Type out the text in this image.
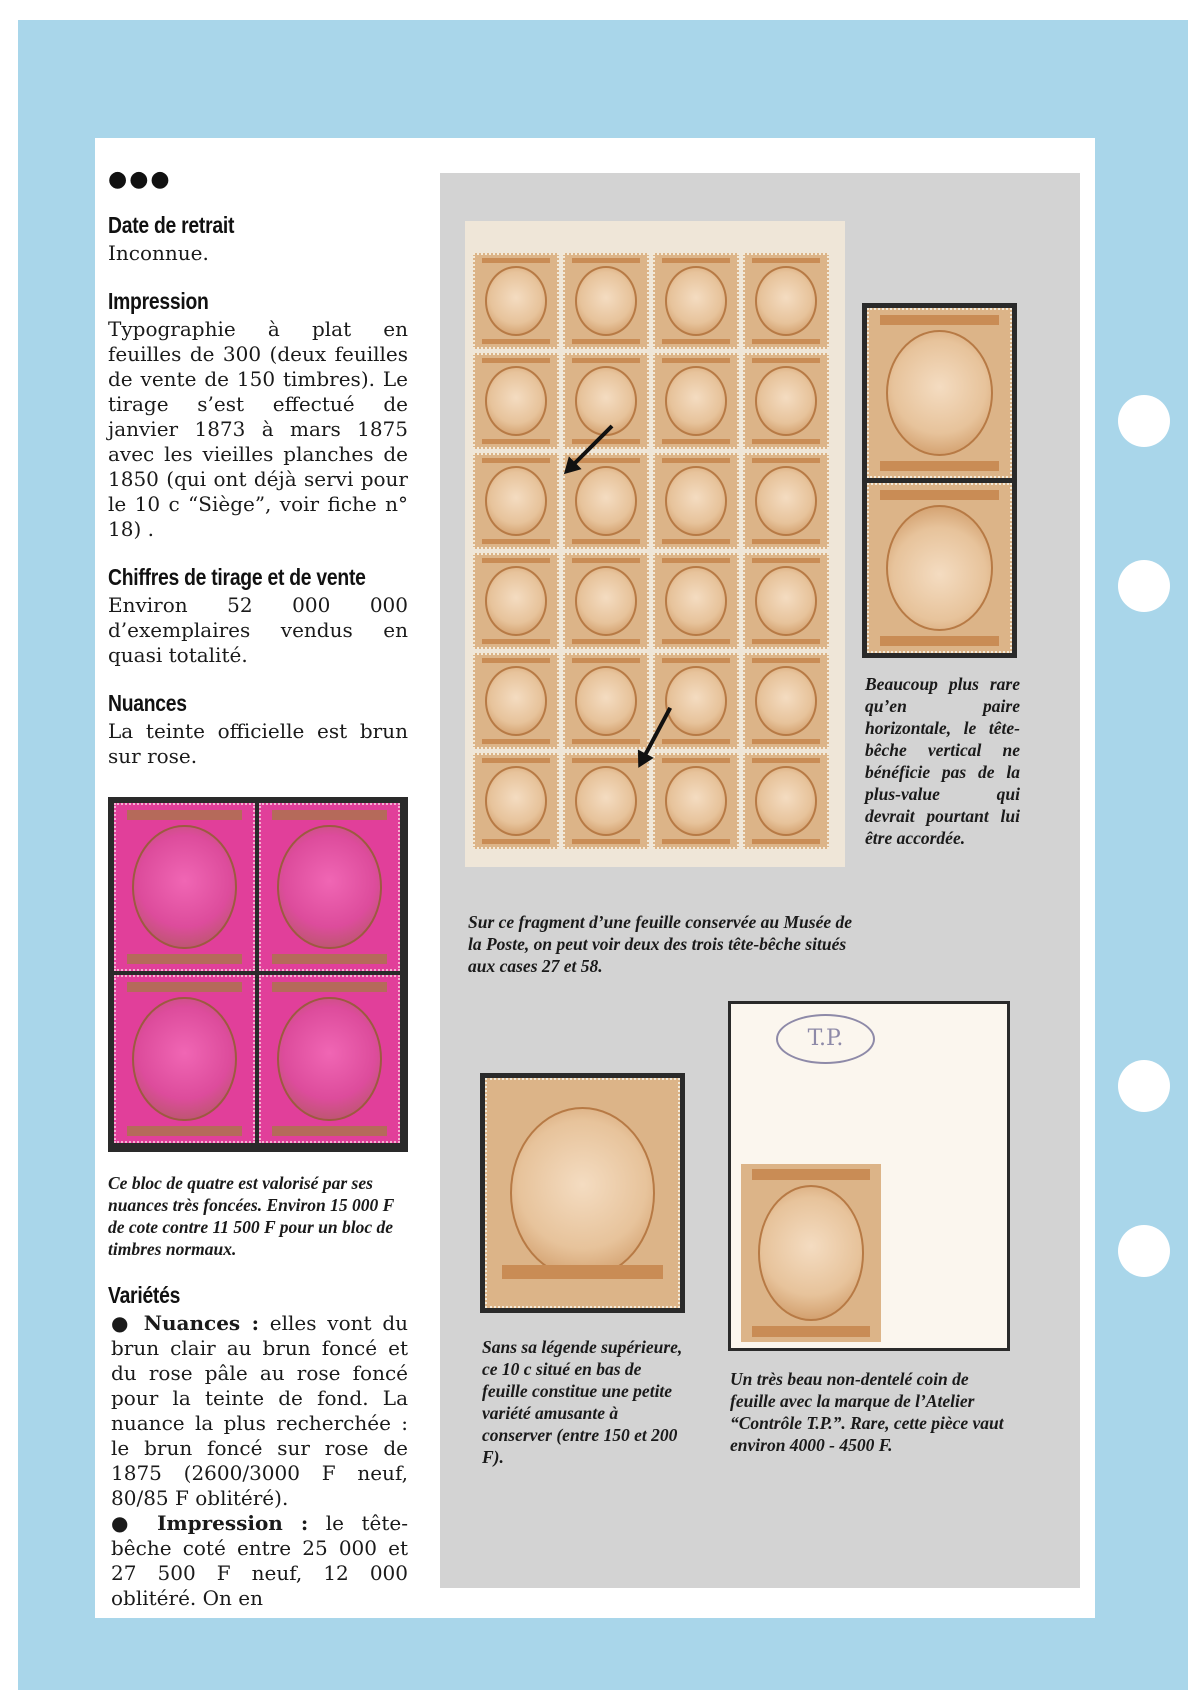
●●●
Date de retrait

Inconnue.

Impression

Typographie à plat en feuilles de 300 (deux feuilles de vente de 150 timbres). Le tirage s’est effectué de janvier 1873 à mars 1875 avec les vieilles planches de 1850 (qui ont déjà servi pour le 10 c “Siège”, voir fiche n° 18) .

Chiffres de tirage et de vente

Environ 52 000 000 d’exemplaires vendus en quasi totalité.

Nuances

La teinte officielle est brun sur rose.

Ce bloc de quatre est valorisé par ses nuances très foncées. Environ 15 000 F de cote contre 11 500 F pour un bloc de timbres normaux.
Variétés

● Nuances : elles vont du brun clair au brun foncé et du rose pâle au rose foncé pour la teinte de fond. La nuance la plus recherchée : le brun foncé sur rose de 1875 (2600/3000 F neuf, 80/85 F oblitéré).

● Impression : le tête-bêche coté entre 25 000 et 27 500 F neuf, 12 000 oblitéré. On en

Sur ce fragment d’une feuille conservée au Musée de la Poste, on peut voir deux des trois tête-bêche situés aux cases 27 et 58.
Beaucoup plus rare qu’en paire horizontale, le tête-bêche vertical ne bénéficie pas de la plus-value qui devrait pourtant lui être accordée.
Sans sa légende supérieure, ce 10 c situé en bas de feuille constitue une petite variété amusante à conserver (entre 150 et 200 F).
T.P.
Un très beau non-dentelé coin de feuille avec la marque de l’Atelier “Contrôle T.P.”. Rare, cette pièce vaut environ 4000 - 4500 F.
